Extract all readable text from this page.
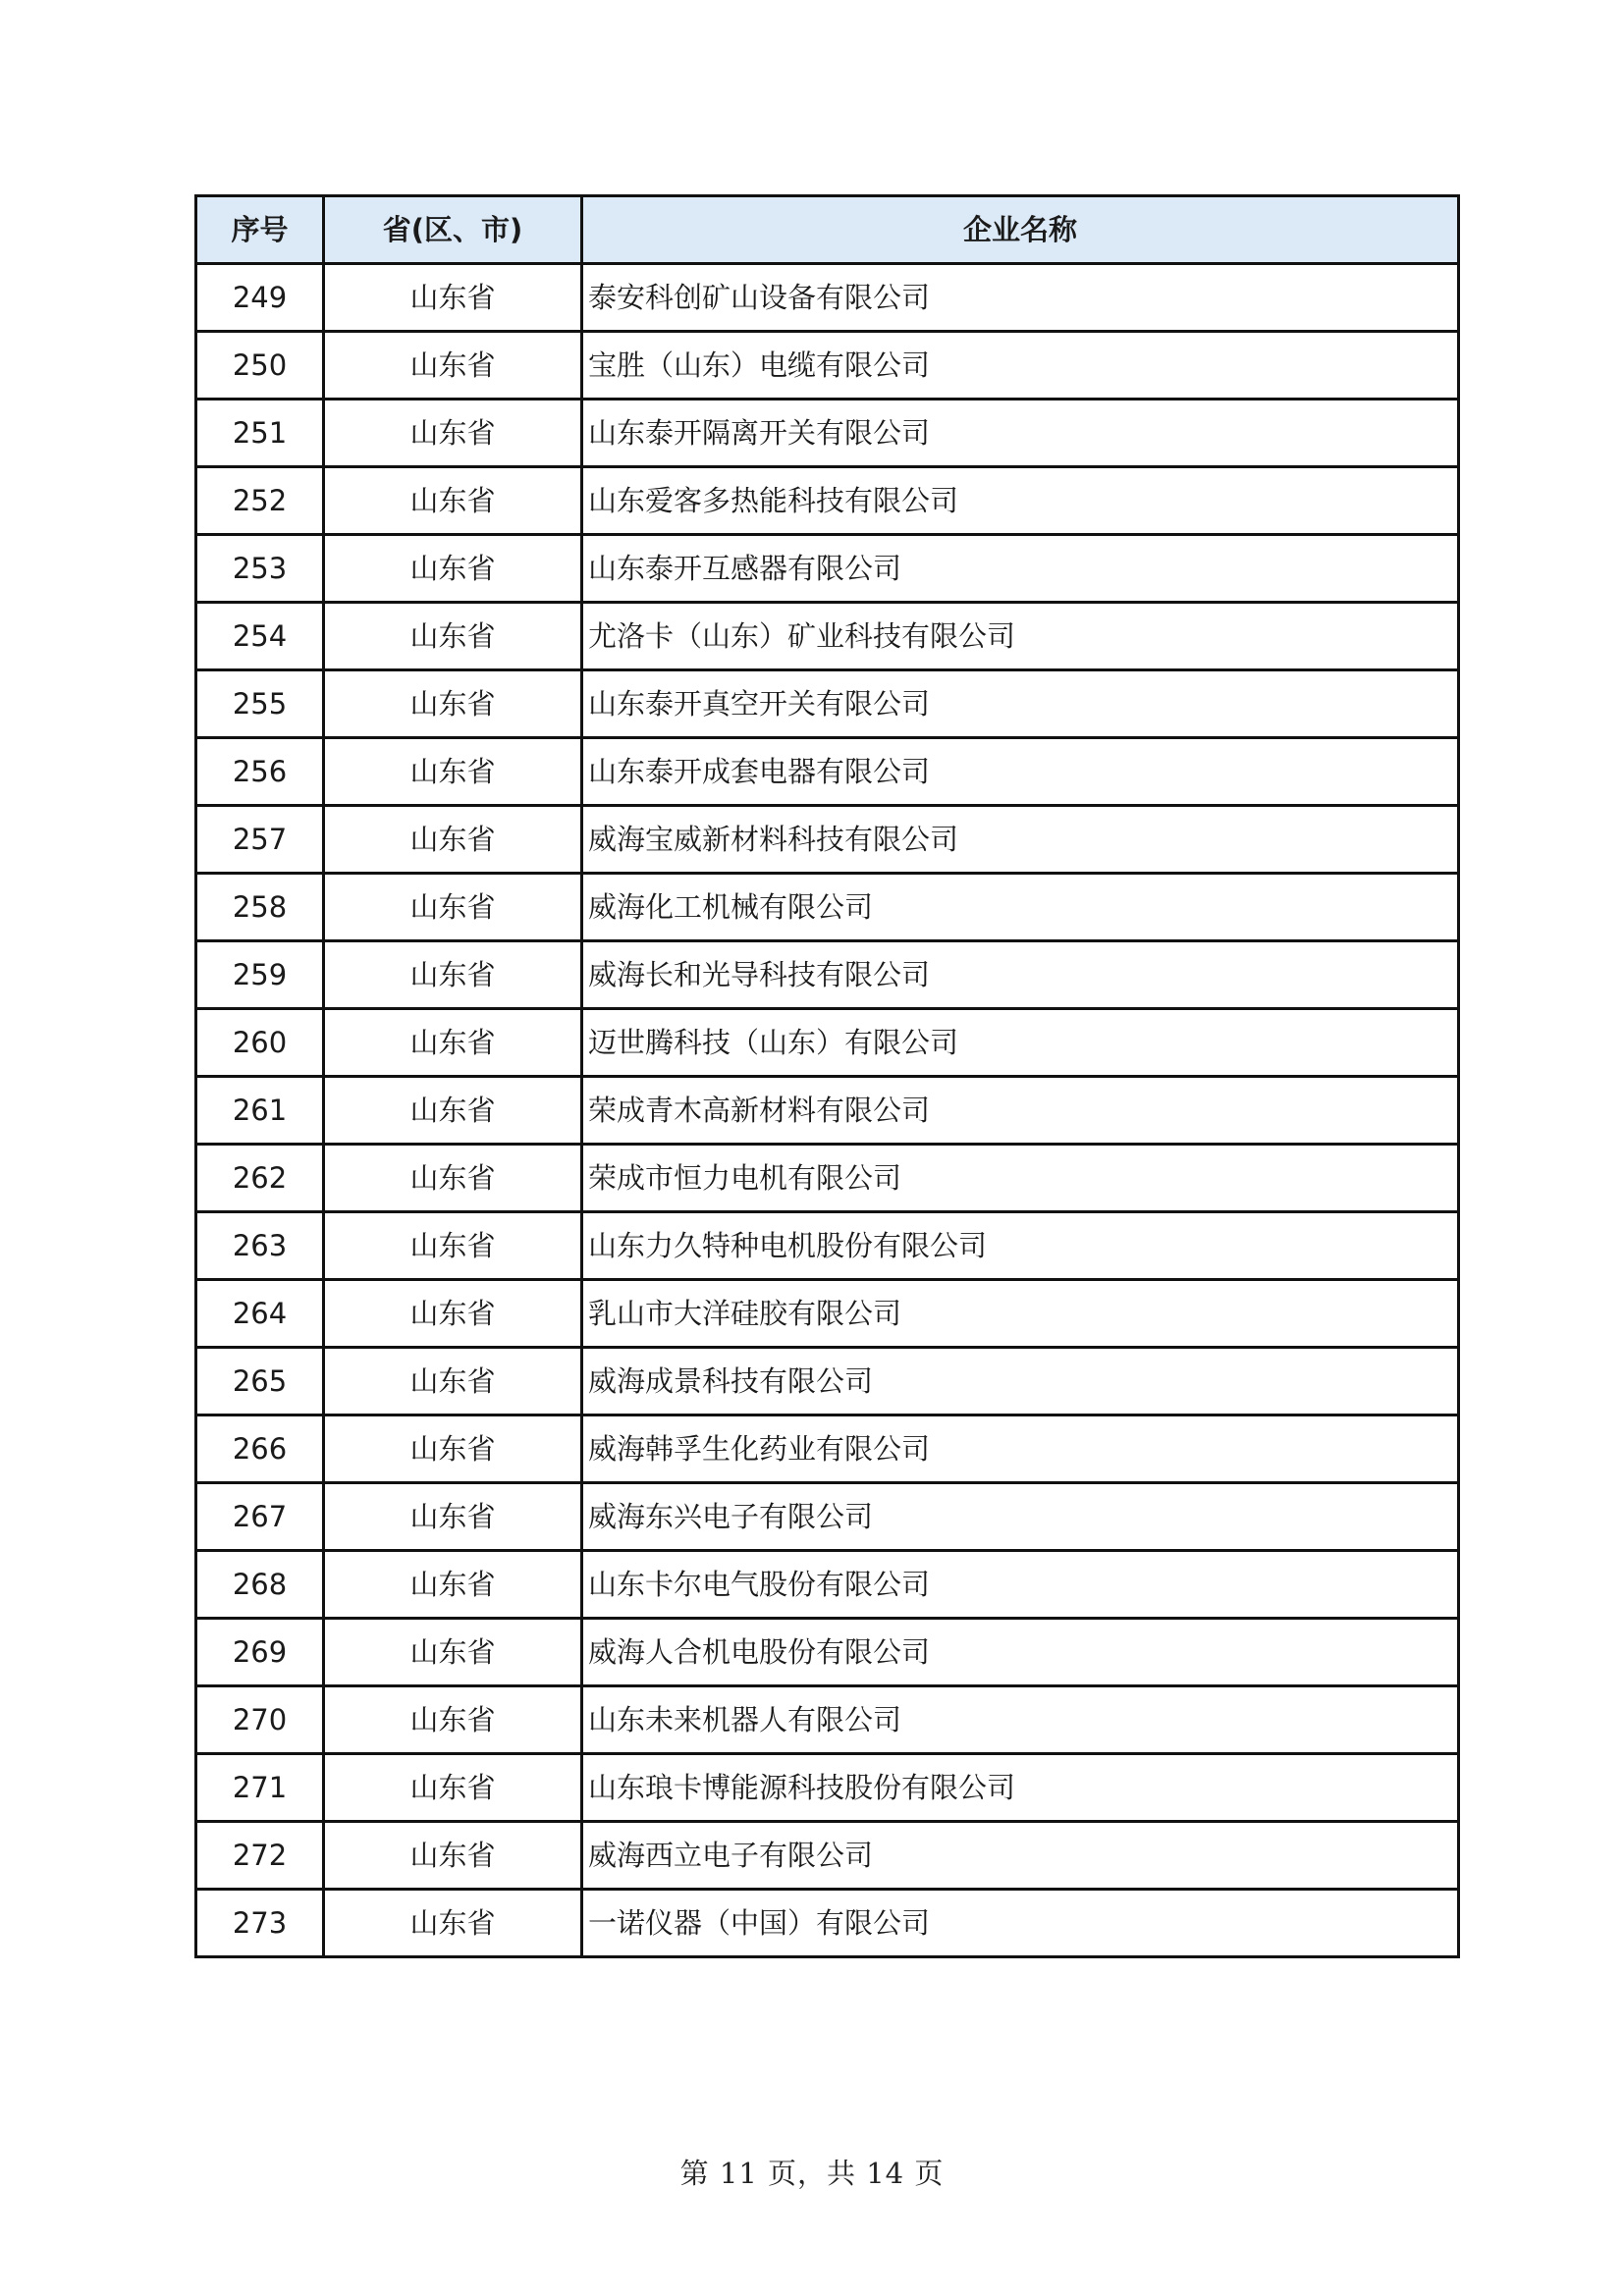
序号	省(区、市)	企业名称
249	山东省	泰安科创矿山设备有限公司
250	山东省	宝胜（山东）电缆有限公司
251	山东省	山东泰开隔离开关有限公司
252	山东省	山东爱客多热能科技有限公司
253	山东省	山东泰开互感器有限公司
254	山东省	尤洛卡（山东）矿业科技有限公司
255	山东省	山东泰开真空开关有限公司
256	山东省	山东泰开成套电器有限公司
257	山东省	威海宝威新材料科技有限公司
258	山东省	威海化工机械有限公司
259	山东省	威海长和光导科技有限公司
260	山东省	迈世腾科技（山东）有限公司
261	山东省	荣成青木高新材料有限公司
262	山东省	荣成市恒力电机有限公司
263	山东省	山东力久特种电机股份有限公司
264	山东省	乳山市大洋硅胶有限公司
265	山东省	威海成景科技有限公司
266	山东省	威海韩孚生化药业有限公司
267	山东省	威海东兴电子有限公司
268	山东省	山东卡尔电气股份有限公司
269	山东省	威海人合机电股份有限公司
270	山东省	山东未来机器人有限公司
271	山东省	山东琅卡博能源科技股份有限公司
272	山东省	威海西立电子有限公司
273	山东省	一诺仪器（中国）有限公司
第 11 页，共 14 页
